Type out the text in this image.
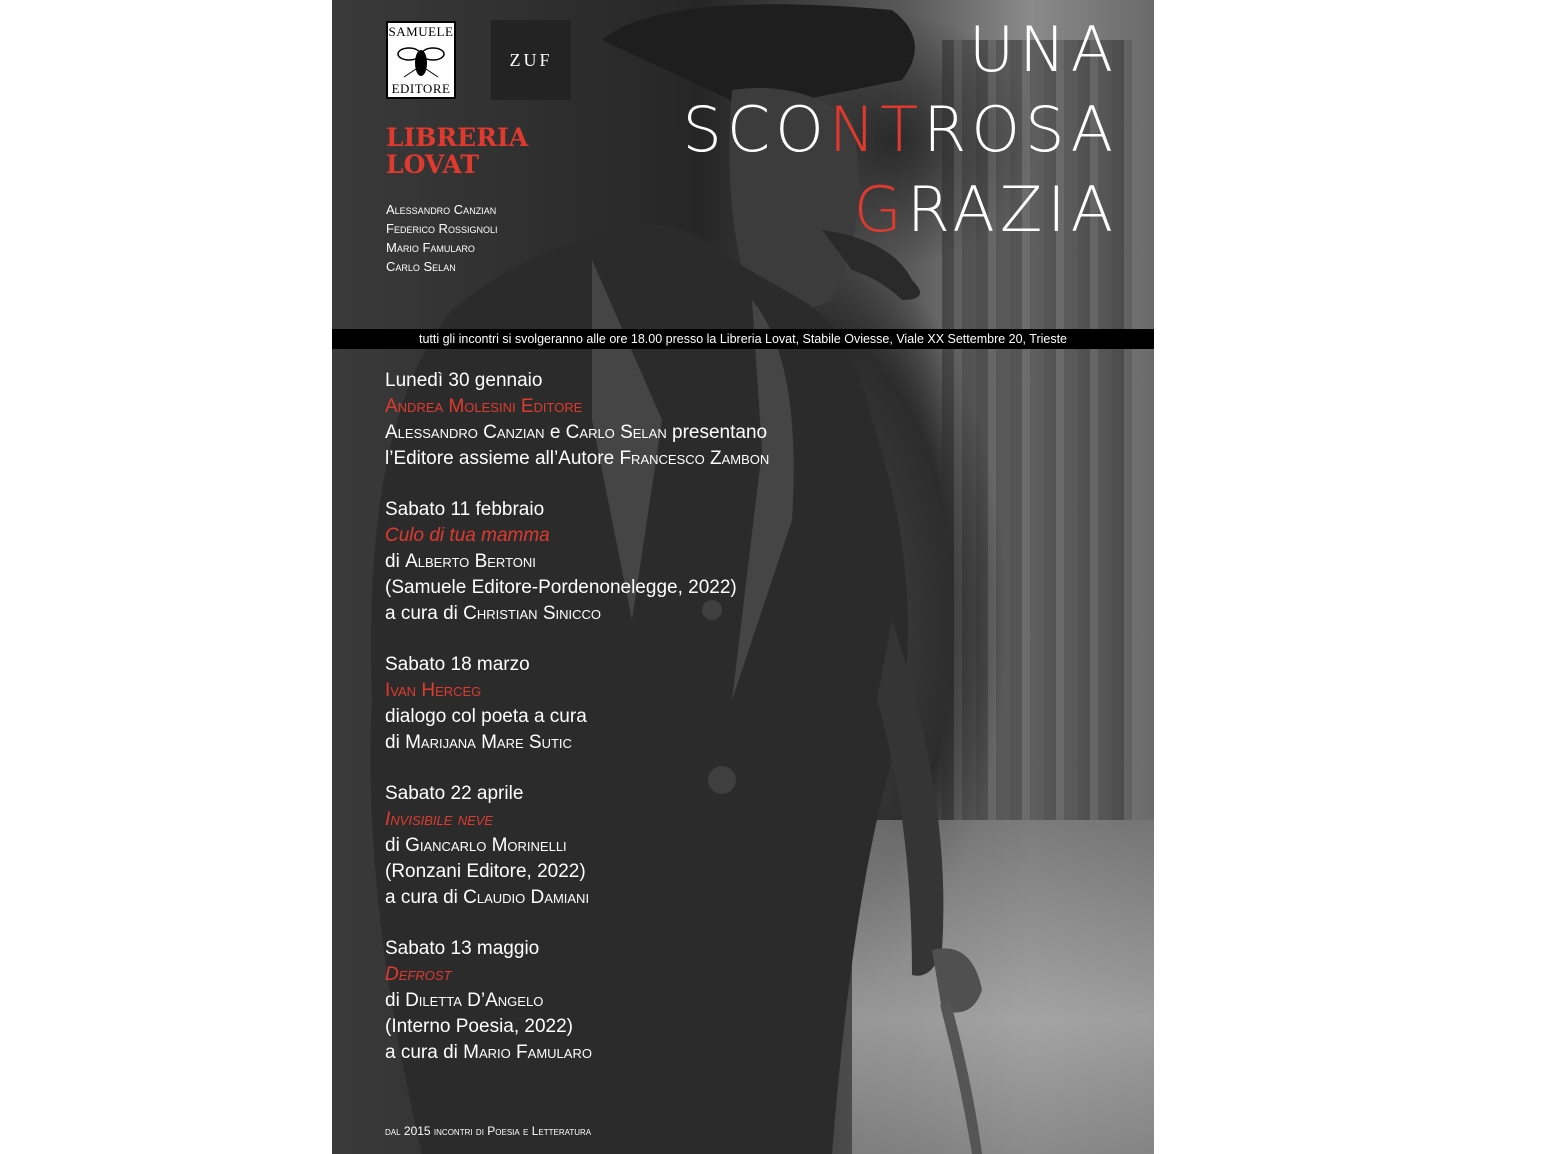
SAMUELE
EDITORE
ZUF
LIBRERIA
LOVAT
Alessandro Canzian
Federico Rossignoli
Mario Famularo
Carlo Selan
UNA
SCONTROSA
GRAZIA
tutti gli incontri si svolgeranno alle ore 18.00 presso la Libreria Lovat, Stabile Oviesse, Viale XX Settembre 20, Trieste
Lunedì 30 gennaio
Andrea Molesini Editore
Alessandro Canzian e Carlo Selan presentano
l’Editore assieme all’Autore Francesco Zambon
Sabato 11 febbraio
Culo di tua mamma
di Alberto Bertoni
(Samuele Editore-Pordenonelegge, 2022)
a cura di Christian Sinicco
Sabato 18 marzo
Ivan Herceg
dialogo col poeta a cura
di Marijana Mare Sutic
Sabato 22 aprile
Invisibile neve
di Giancarlo Morinelli
(Ronzani Editore, 2022)
a cura di Claudio Damiani
Sabato 13 maggio
Defrost
di Diletta D’Angelo
(Interno Poesia, 2022)
a cura di Mario Famularo
dal 2015 incontri di Poesia e Letteratura
